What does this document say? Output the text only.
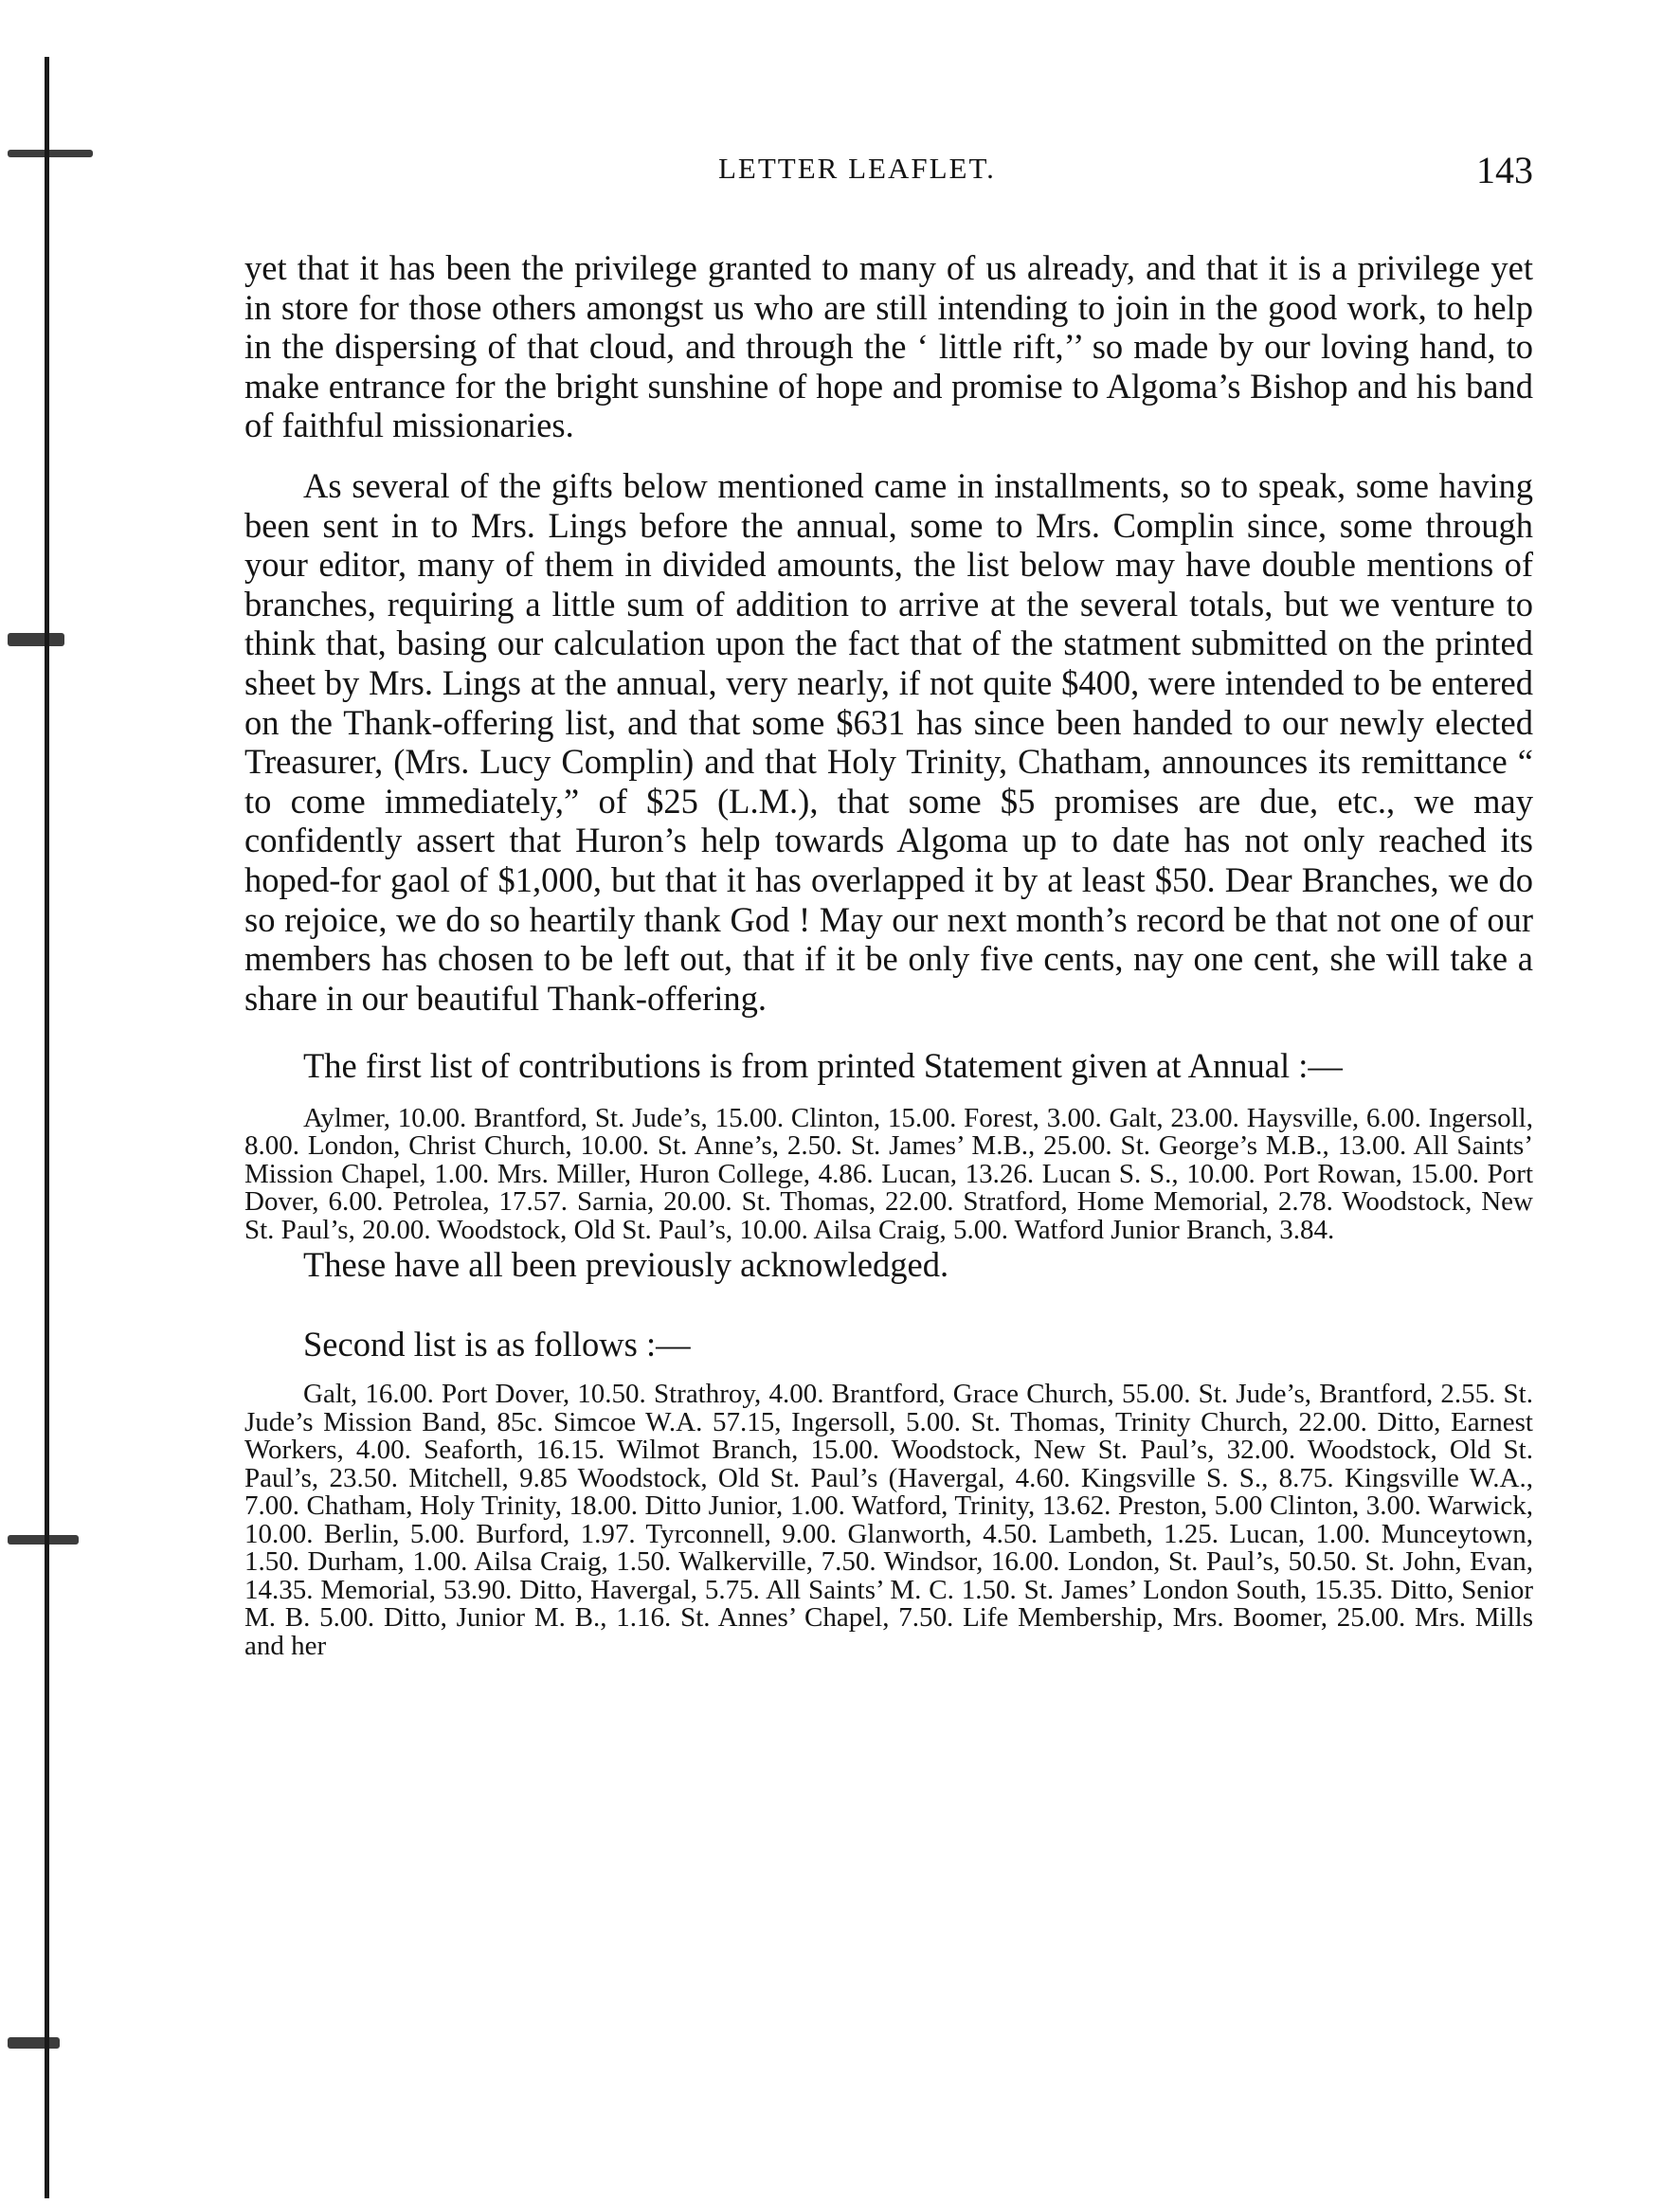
LETTER LEAFLET.	143

yet that it has been the privilege granted to many of us already, and that it is a privilege yet in store for those others amongst us who are still intending to join in the good work, to help in the dispersing of that cloud, and through the ‘ little rift,’’ so made by our loving hand, to make entrance for the bright sunshine of hope and promise to Algoma’s Bishop and his band of faithful missionaries.

As several of the gifts below mentioned came in installments, so to speak, some having been sent in to Mrs. Lings before the annual, some to Mrs. Complin since, some through your editor, many of them in divided amounts, the list below may have double mentions of branches, requiring a little sum of addition to arrive at the several totals, but we venture to think that, basing our calculation upon the fact that of the statment submitted on the printed sheet by Mrs. Lings at the annual, very nearly, if not quite $400, were intended to be entered on the Thank-offering list, and that some $631 has since been handed to our newly elected Treasurer, (Mrs. Lucy Complin) and that Holy Trinity, Chatham, announces its remittance “ to come immediately,” of $25 (L.M.), that some $5 promises are due, etc., we may confidently assert that Huron’s help towards Algoma up to date has not only reached its hoped-for gaol of $1,000, but that it has overlapped it by at least $50. Dear Branches, we do so rejoice, we do so heartily thank God ! May our next month’s record be that not one of our members has chosen to be left out, that if it be only five cents, nay one cent, she will take a share in our beautiful Thank-offering.

The first list of contributions is from printed Statement given at Annual :—

Aylmer, 10.00. Brantford, St. Jude’s, 15.00. Clinton, 15.00. Forest, 3.00. Galt, 23.00. Haysville, 6.00. Ingersoll, 8.00. London, Christ Church, 10.00. St. Anne’s, 2.50. St. James’ M.B., 25.00. St. George’s M.B., 13.00. All Saints’ Mission Chapel, 1.00. Mrs. Miller, Huron College, 4.86. Lucan, 13.26. Lucan S. S., 10.00. Port Rowan, 15.00. Port Dover, 6.00. Petrolea, 17.57. Sarnia, 20.00. St. Thomas, 22.00. Stratford, Home Memorial, 2.78. Woodstock, New St. Paul’s, 20.00. Woodstock, Old St. Paul’s, 10.00. Ailsa Craig, 5.00. Watford Junior Branch, 3.84.

These have all been previously acknowledged.

Second list is as follows :—

Galt, 16.00. Port Dover, 10.50. Strathroy, 4.00. Brantford, Grace Church, 55.00. St. Jude’s, Brantford, 2.55. St. Jude’s Mission Band, 85c. Simcoe W.A. 57.15, Ingersoll, 5.00. St. Thomas, Trinity Church, 22.00. Ditto, Earnest Workers, 4.00. Seaforth, 16.15. Wilmot Branch, 15.00. Woodstock, New St. Paul’s, 32.00. Woodstock, Old St. Paul’s, 23.50. Mitchell, 9.85 Woodstock, Old St. Paul’s (Havergal, 4.60. Kingsville S. S., 8.75. Kingsville W.A., 7.00. Chatham, Holy Trinity, 18.00. Ditto Junior, 1.00. Watford, Trinity, 13.62. Preston, 5.00 Clinton, 3.00. Warwick, 10.00. Berlin, 5.00. Burford, 1.97. Tyrconnell, 9.00. Glanworth, 4.50. Lambeth, 1.25. Lucan, 1.00. Munceytown, 1.50. Durham, 1.00. Ailsa Craig, 1.50. Walkerville, 7.50. Windsor, 16.00. London, St. Paul’s, 50.50. St. John, Evan, 14.35. Memorial, 53.90. Ditto, Havergal, 5.75. All Saints’ M. C. 1.50. St. James’ London South, 15.35. Ditto, Senior M. B. 5.00. Ditto, Junior M. B., 1.16. St. Annes’ Chapel, 7.50. Life Membership, Mrs. Boomer, 25.00. Mrs. Mills and her
